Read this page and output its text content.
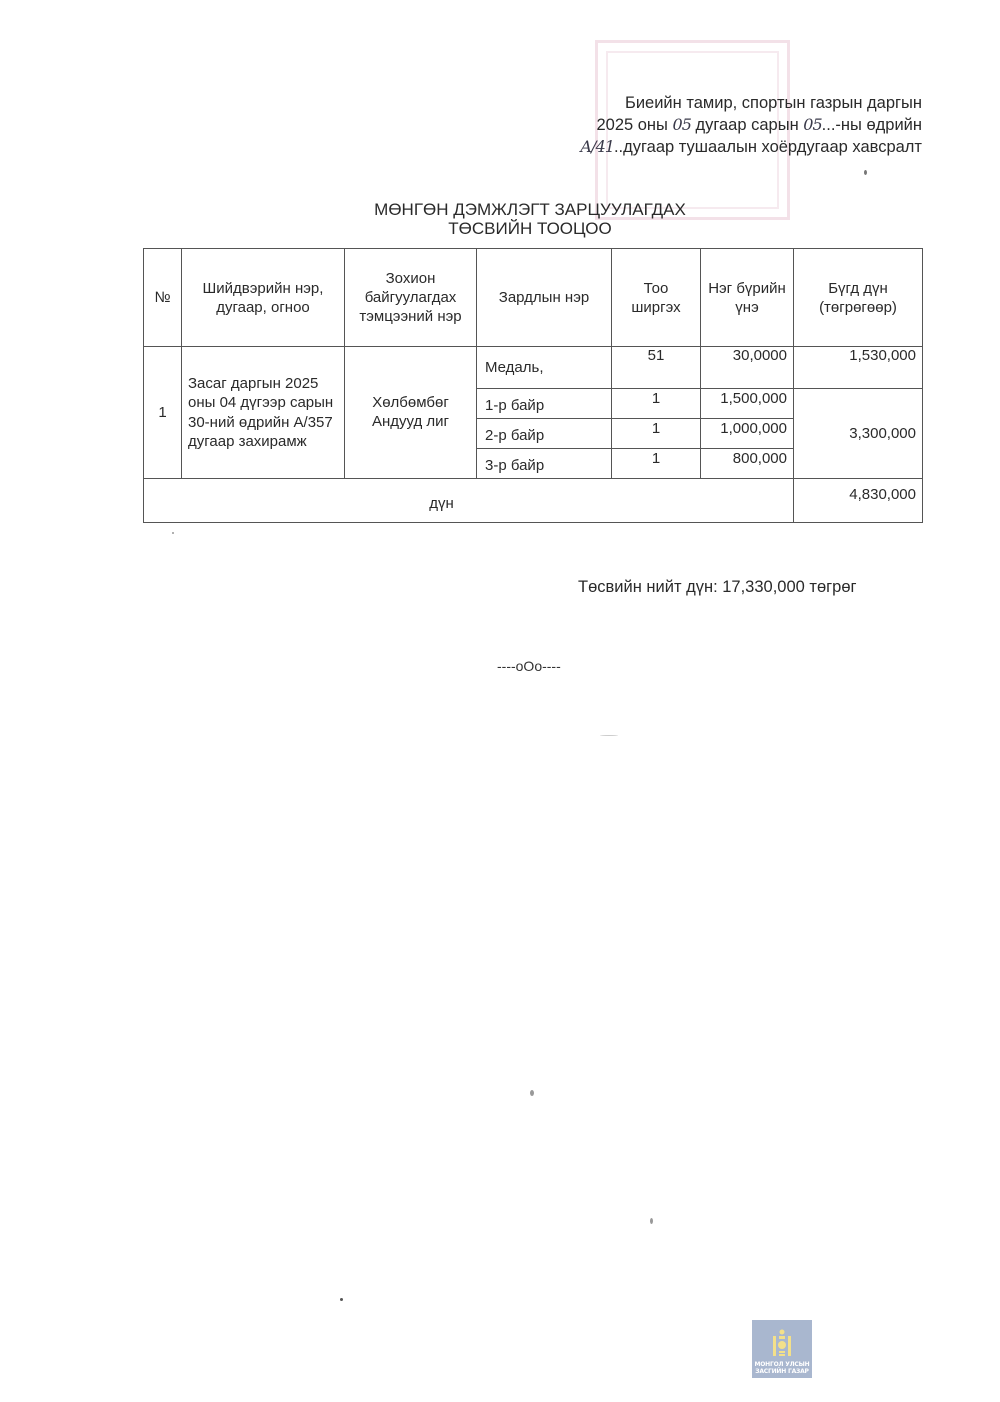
Биеийн тамир, спортын газрын даргын
2025 оны 05 дугаар сарын 05...-ны өдрийн
А/41..дугаар тушаалын хоёрдугаар хавсралт
МӨНГӨН ДЭМЖЛЭГТ ЗАРЦУУЛАГДАХ
ТӨСВИЙН ТООЦОО
№	Шийдвэрийн нэр, дугаар, огноо	Зохион байгуулагдах тэмцээний нэр	Зардлын нэр	Тоо ширгэх	Нэг бүрийн үнэ	Бүгд дүн (төгрөгөөр)
1	Засаг даргын 2025 оны 04 дүгээр сарын 30-ний өдрийн А/357 дугаар захирамж	Хөлбөмбөг Андууд лиг	Медаль,	51	30,0000	1,530,000
			1-р байр	1	1,500,000	3,300,000
			2-р байр	1	1,000,000	
			3-р байр	1	800,000	
дүн						4,830,000
Төсвийн нийт дүн: 17,330,000 төгрөг
----oOo----
МОНГОЛ УЛСЫН
ЗАСГИЙН ГАЗАР
